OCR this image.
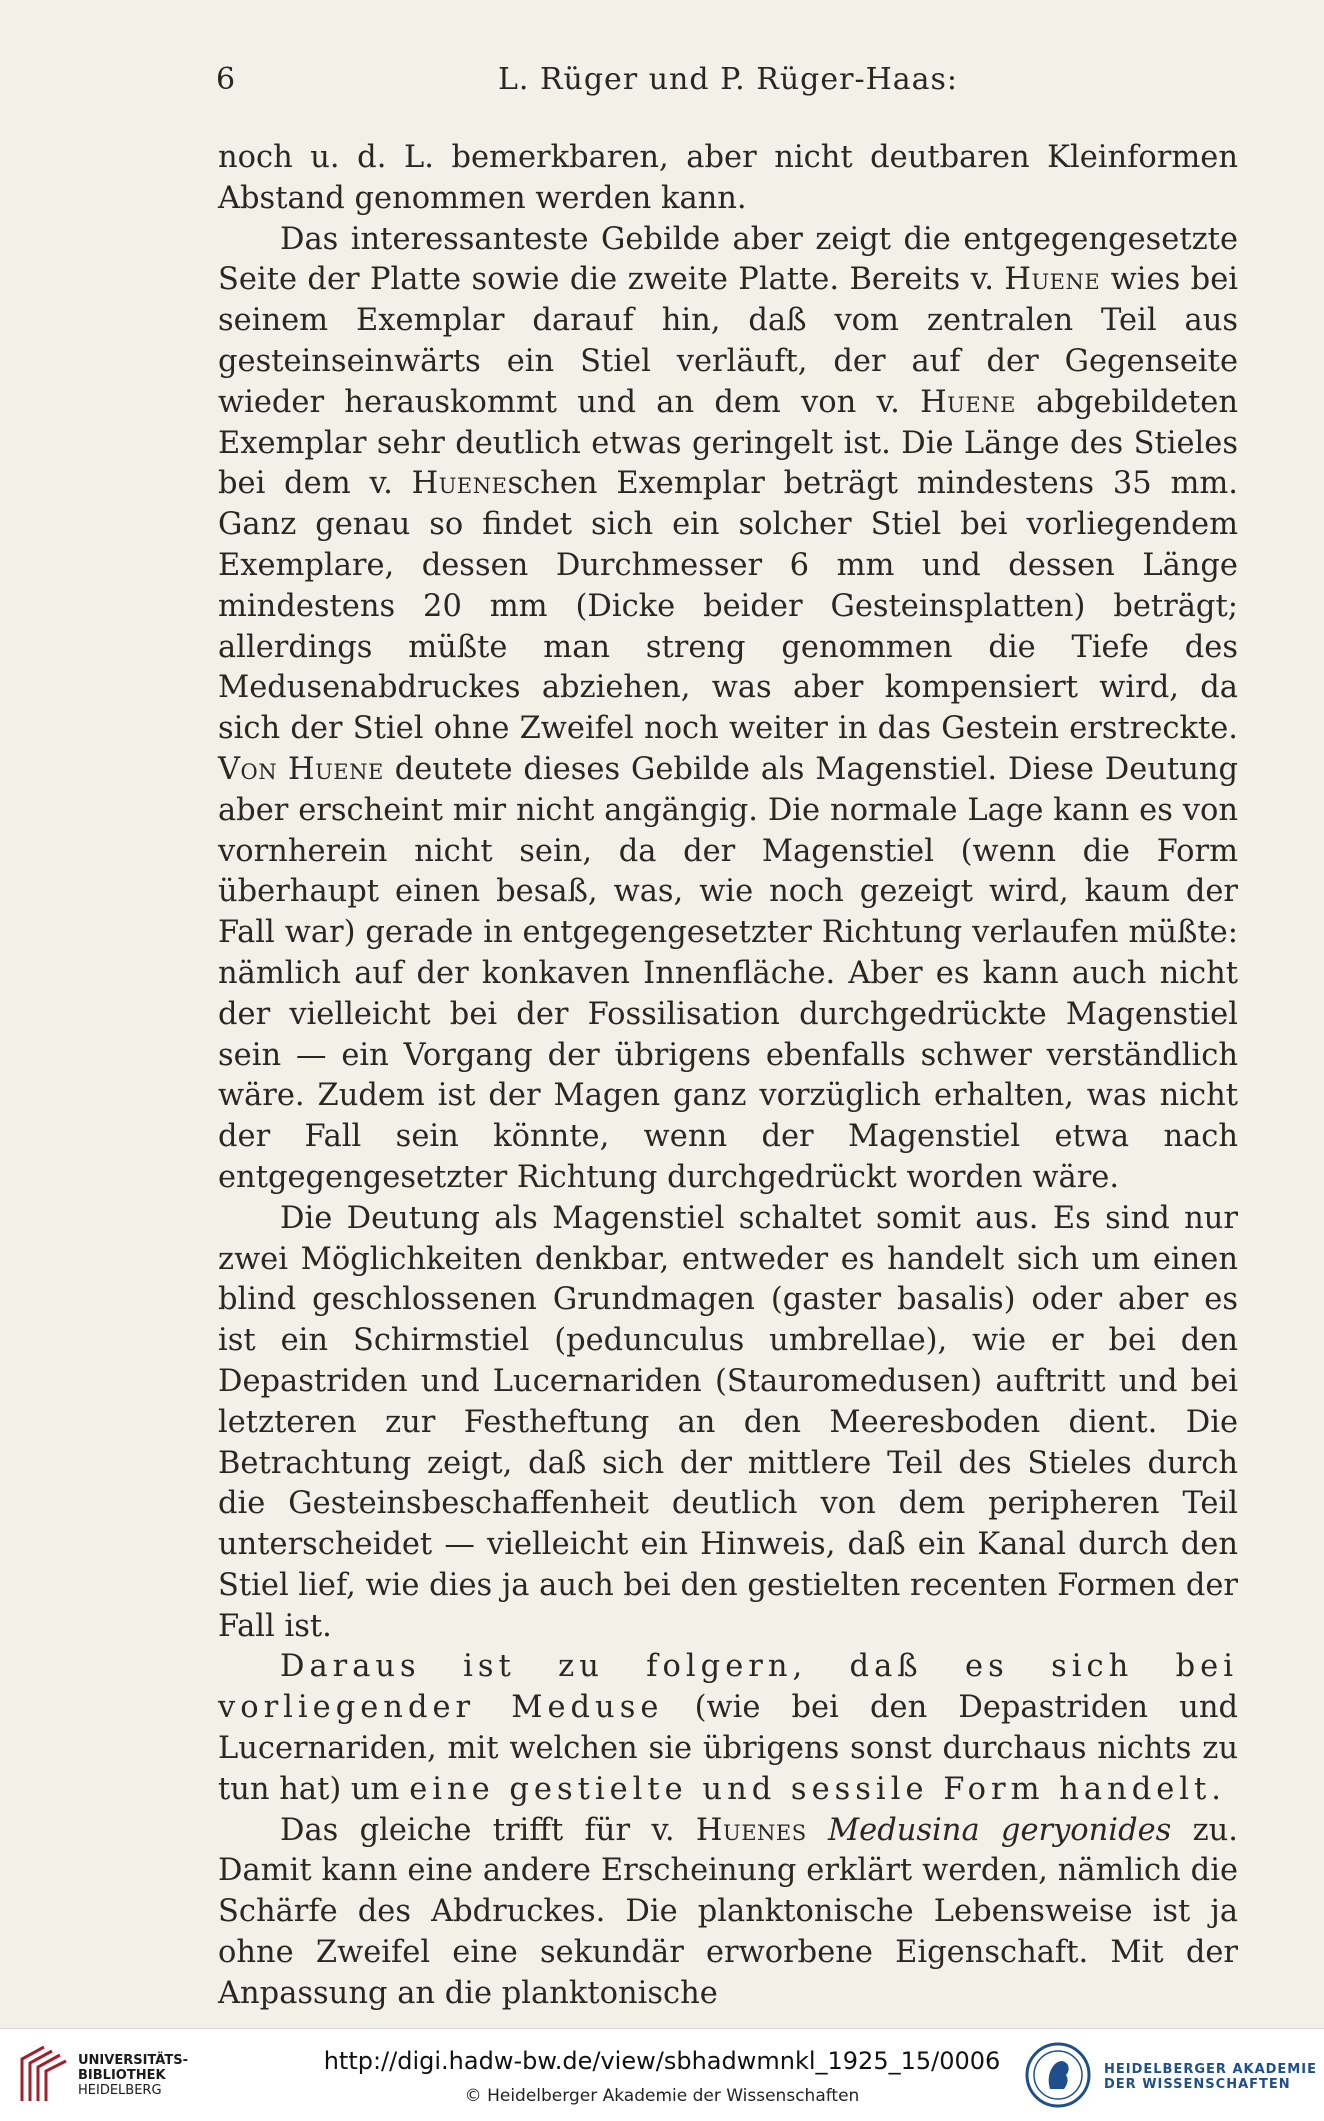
6	L. Rüger und P. Rüger-Haas:

noch u. d. L. bemerkbaren, aber nicht deutbaren Kleinformen Abstand genommen werden kann.

Das interessanteste Gebilde aber zeigt die entgegengesetzte Seite der Platte sowie die zweite Platte. Bereits v. Huene wies bei seinem Exemplar darauf hin, daß vom zentralen Teil aus gesteinseinwärts ein Stiel verläuft, der auf der Gegenseite wieder herauskommt und an dem von v. Huene abgebildeten Exemplar sehr deutlich etwas geringelt ist. Die Länge des Stieles bei dem v. Hueneschen Exemplar beträgt mindestens 35 mm. Ganz genau so findet sich ein solcher Stiel bei vorliegendem Exemplare, dessen Durchmesser 6 mm und dessen Länge mindestens 20 mm (Dicke beider Gesteinsplatten) beträgt; allerdings müßte man streng genommen die Tiefe des Medusenabdruckes abziehen, was aber kompensiert wird, da sich der Stiel ohne Zweifel noch weiter in das Gestein erstreckte. Von Huene deutete dieses Gebilde als Magenstiel. Diese Deutung aber erscheint mir nicht angängig. Die normale Lage kann es von vornherein nicht sein, da der Magenstiel (wenn die Form überhaupt einen besaß, was, wie noch gezeigt wird, kaum der Fall war) gerade in entgegengesetzter Richtung verlaufen müßte: nämlich auf der konkaven Innenfläche. Aber es kann auch nicht der vielleicht bei der Fossilisation durchgedrückte Magenstiel sein — ein Vorgang der übrigens ebenfalls schwer verständlich wäre. Zudem ist der Magen ganz vorzüglich erhalten, was nicht der Fall sein könnte, wenn der Magenstiel etwa nach entgegengesetzter Richtung durchgedrückt worden wäre.

Die Deutung als Magenstiel schaltet somit aus. Es sind nur zwei Möglichkeiten denkbar, entweder es handelt sich um einen blind geschlossenen Grundmagen (gaster basalis) oder aber es ist ein Schirmstiel (pedunculus umbrellae), wie er bei den Depastriden und Lucernariden (Stauromedusen) auftritt und bei letzteren zur Festheftung an den Meeresboden dient. Die Betrachtung zeigt, daß sich der mittlere Teil des Stieles durch die Gesteinsbeschaffenheit deutlich von dem peripheren Teil unterscheidet — vielleicht ein Hinweis, daß ein Kanal durch den Stiel lief, wie dies ja auch bei den gestielten recenten Formen der Fall ist.

Daraus ist zu folgern, daß es sich bei vorliegender Meduse (wie bei den Depastriden und Lucernariden, mit welchen sie übrigens sonst durchaus nichts zu tun hat) um eine gestielte und sessile Form handelt.

Das gleiche trifft für v. Huenes Medusina geryonides zu. Damit kann eine andere Erscheinung erklärt werden, nämlich die Schärfe des Abdruckes. Die planktonische Lebensweise ist ja ohne Zweifel eine sekundär erworbene Eigenschaft. Mit der Anpassung an die planktonische

UNIVERSITÄTS-
BIBLIOTHEK
HEIDELBERG
http://digi.hadw-bw.de/view/sbhadwmnkl_1925_15/0006
© Heidelberger Akademie der Wissenschaften
HEIDELBERGER AKADEMIE
DER WISSENSCHAFTEN
